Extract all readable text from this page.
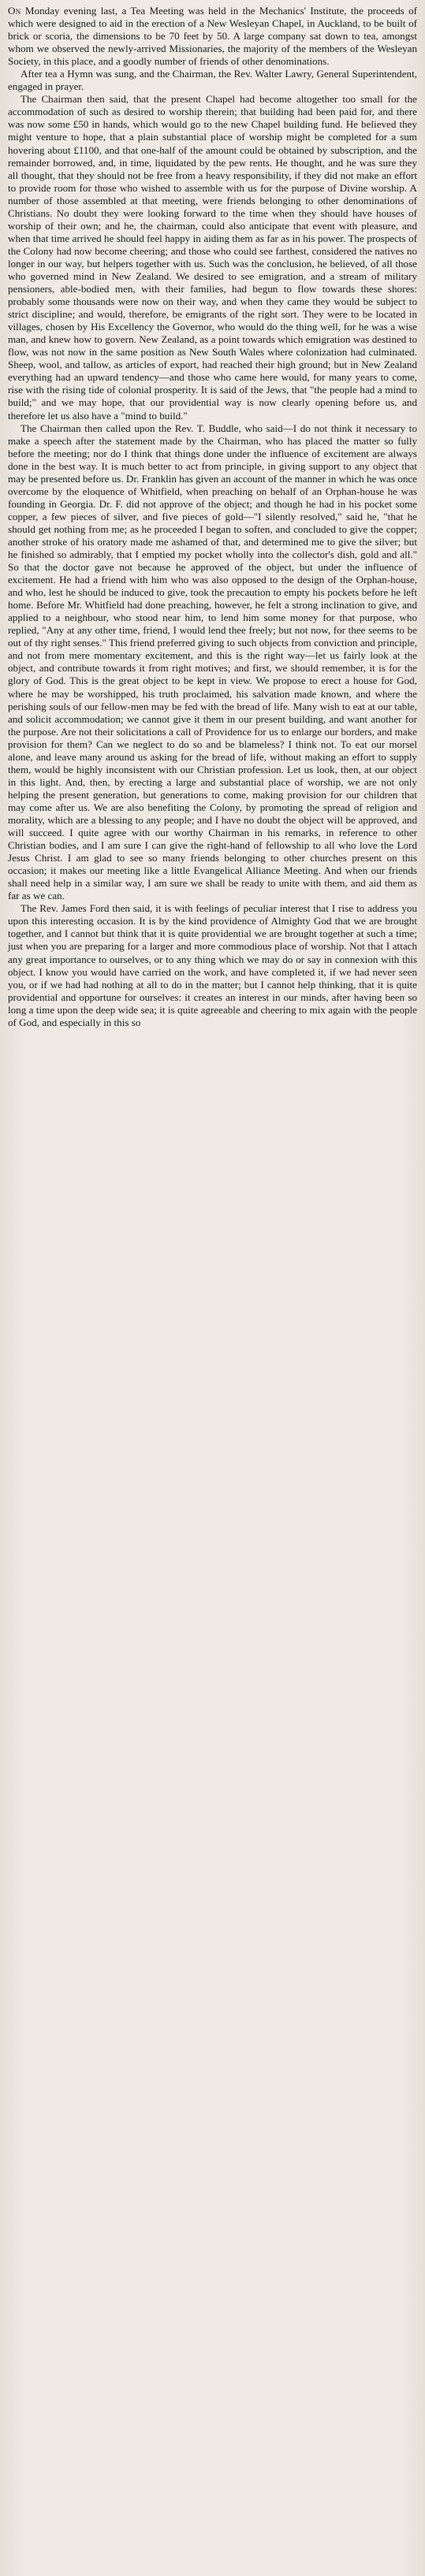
On Monday evening last, a Tea Meeting was held in the Mechanics' Institute, the proceeds of which were designed to aid in the erection of a New Wesleyan Chapel, in Auckland, to be built of brick or scoria, the dimensions to be 70 feet by 50. A large company sat down to tea, amongst whom we observed the newly-arrived Missionaries, the majority of the members of the Wesleyan Society, in this place, and a goodly number of friends of other denominations.

After tea a Hymn was sung, and the Chairman, the Rev. Walter Lawry, General Superintendent, engaged in prayer.

The Chairman then said, that the present Chapel had become altogether too small for the accommodation of such as desired to worship therein; that building had been paid for, and there was now some £50 in hands, which would go to the new Chapel building fund. He believed they might venture to hope, that a plain substantial place of worship might be completed for a sum hovering about £1100, and that one-half of the amount could be obtained by subscription, and the remainder borrowed, and, in time, liquidated by the pew rents. He thought, and he was sure they all thought, that they should not be free from a heavy responsibility, if they did not make an effort to provide room for those who wished to assemble with us for the purpose of Divine worship. A number of those assembled at that meeting, were friends belonging to other denominations of Christians. No doubt they were looking forward to the time when they should have houses of worship of their own; and he, the chairman, could also anticipate that event with pleasure, and when that time arrived he should feel happy in aiding them as far as in his power. The prospects of the Colony had now become cheering; and those who could see farthest, considered the natives no longer in our way, but helpers together with us. Such was the conclusion, he believed, of all those who governed mind in New Zealand. We desired to see emigration, and a stream of military pensioners, able-bodied men, with their families, had begun to flow towards these shores: probably some thousands were now on their way, and when they came they would be subject to strict discipline; and would, therefore, be emigrants of the right sort. They were to be located in villages, chosen by His Excellency the Governor, who would do the thing well, for he was a wise man, and knew how to govern. New Zealand, as a point towards which emigration was destined to flow, was not now in the same position as New South Wales where colonization had culminated. Sheep, wool, and tallow, as articles of export, had reached their high ground; but in New Zealand everything had an upward tendency—and those who came here would, for many years to come, rise with the rising tide of colonial prosperity. It is said of the Jews, that "the people had a mind to build;" and we may hope, that our providential way is now clearly opening before us, and therefore let us also have a "mind to build."

The Chairman then called upon the Rev. T. Buddle, who said—I do not think it necessary to make a speech after the statement made by the Chairman, who has placed the matter so fully before the meeting; nor do I think that things done under the influence of excitement are always done in the best way. It is much better to act from principle, in giving support to any object that may be presented before us. Dr. Franklin has given an account of the manner in which he was once overcome by the eloquence of Whitfield, when preaching on behalf of an Orphan-house he was founding in Georgia. Dr. F. did not approve of the object; and though he had in his pocket some copper, a few pieces of silver, and five pieces of gold—"I silently resolved," said he, "that he should get nothing from me; as he proceeded I began to soften, and concluded to give the copper; another stroke of his oratory made me ashamed of that, and determined me to give the silver; but he finished so admirably, that I emptied my pocket wholly into the collector's dish, gold and all." So that the doctor gave not because he approved of the object, but under the influence of excitement. He had a friend with him who was also opposed to the design of the Orphan-house, and who, lest he should be induced to give, took the precaution to empty his pockets before he left home. Before Mr. Whitfield had done preaching, however, he felt a strong inclination to give, and applied to a neighbour, who stood near him, to lend him some money for that purpose, who replied, "Any at any other time, friend, I would lend thee freely; but not now, for thee seems to be out of thy right senses." This friend preferred giving to such objects from conviction and principle, and not from mere momentary excitement, and this is the right way—let us fairly look at the object, and contribute towards it from right motives; and first, we should remember, it is for the glory of God. This is the great object to be kept in view. We propose to erect a house for God, where he may be worshipped, his truth proclaimed, his salvation made known, and where the perishing souls of our fellow-men may be fed with the bread of life. Many wish to eat at our table, and solicit accommodation; we cannot give it them in our present building, and want another for the purpose. Are not their solicitations a call of Providence for us to enlarge our borders, and make provision for them? Can we neglect to do so and be blameless? I think not. To eat our morsel alone, and leave many around us asking for the bread of life, without making an effort to supply them, would be highly inconsistent with our Christian profession. Let us look, then, at our object in this light. And, then, by erecting a large and substantial place of worship, we are not only helping the present generation, but generations to come, making provision for our children that may come after us. We are also benefiting the Colony, by promoting the spread of religion and morality, which are a blessing to any people; and I have no doubt the object will be approved, and will succeed. I quite agree with our worthy Chairman in his remarks, in reference to other Christian bodies, and I am sure I can give the right-hand of fellowship to all who love the Lord Jesus Christ. I am glad to see so many friends belonging to other churches present on this occasion; it makes our meeting like a little Evangelical Alliance Meeting. And when our friends shall need help in a similar way, I am sure we shall be ready to unite with them, and aid them as far as we can.

The Rev. James Ford then said, it is with feelings of peculiar interest that I rise to address you upon this interesting occasion. It is by the kind providence of Almighty God that we are brought together, and I cannot but think that it is quite providential we are brought together at such a time; just when you are preparing for a larger and more commodious place of worship. Not that I attach any great importance to ourselves, or to any thing which we may do or say in connexion with this object. I know you would have carried on the work, and have completed it, if we had never seen you, or if we had had nothing at all to do in the matter; but I cannot help thinking, that it is quite providential and opportune for ourselves: it creates an interest in our minds, after having been so long a time upon the deep wide sea; it is quite agreeable and cheering to mix again with the people of God, and especially in this so
